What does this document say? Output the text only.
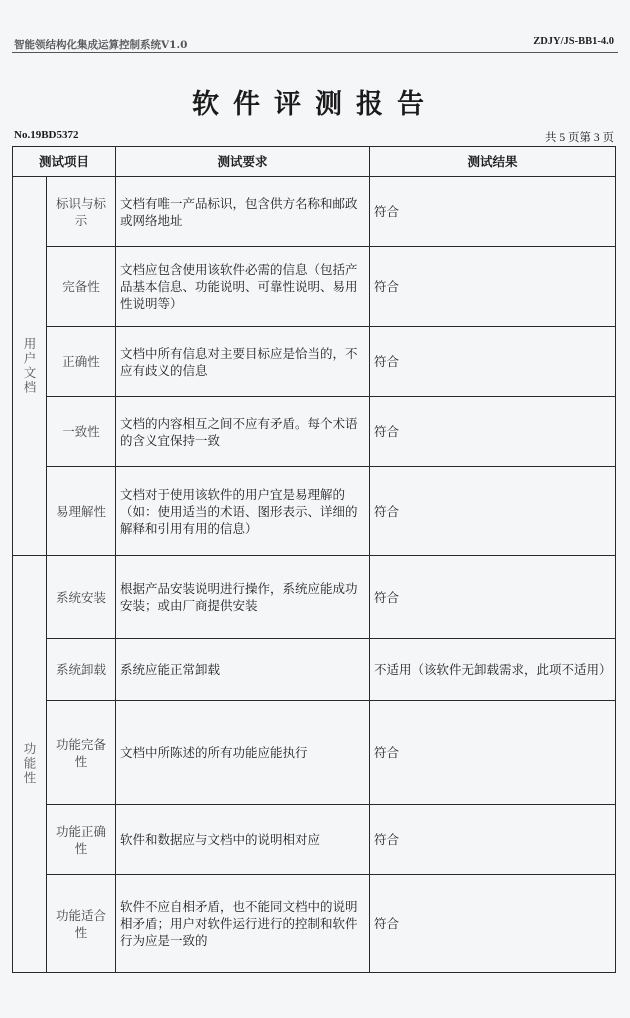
智能领结构化集成运算控制系统V1.0	ZDJY/JS-BB1-4.0
软件评测报告
No.19BD5372	共 5 页第 3 页
测试项目		测试要求	测试结果

用户文档	标识与标示	文档有唯一产品标识，包含供方名称和邮政或网络地址	符合
	完备性	文档应包含使用该软件必需的信息（包括产品基本信息、功能说明、可靠性说明、易用性说明等）	符合
	正确性	文档中所有信息对主要目标应是恰当的，不应有歧义的信息	符合
	一致性	文档的内容相互之间不应有矛盾。每个术语的含义宜保持一致	符合
	易理解性	文档对于使用该软件的用户宜是易理解的（如：使用适当的术语、图形表示、详细的解释和引用有用的信息）	符合

功能性	系统安装	根据产品安装说明进行操作，系统应能成功安装；或由厂商提供安装	符合
	系统卸载	系统应能正常卸载	不适用（该软件无卸载需求，此项不适用）
	功能完备性	文档中所陈述的所有功能应能执行	符合
	功能正确性	软件和数据应与文档中的说明相对应	符合
	功能适合性	软件不应自相矛盾，也不能同文档中的说明相矛盾；用户对软件运行进行的控制和软件行为应是一致的	符合
